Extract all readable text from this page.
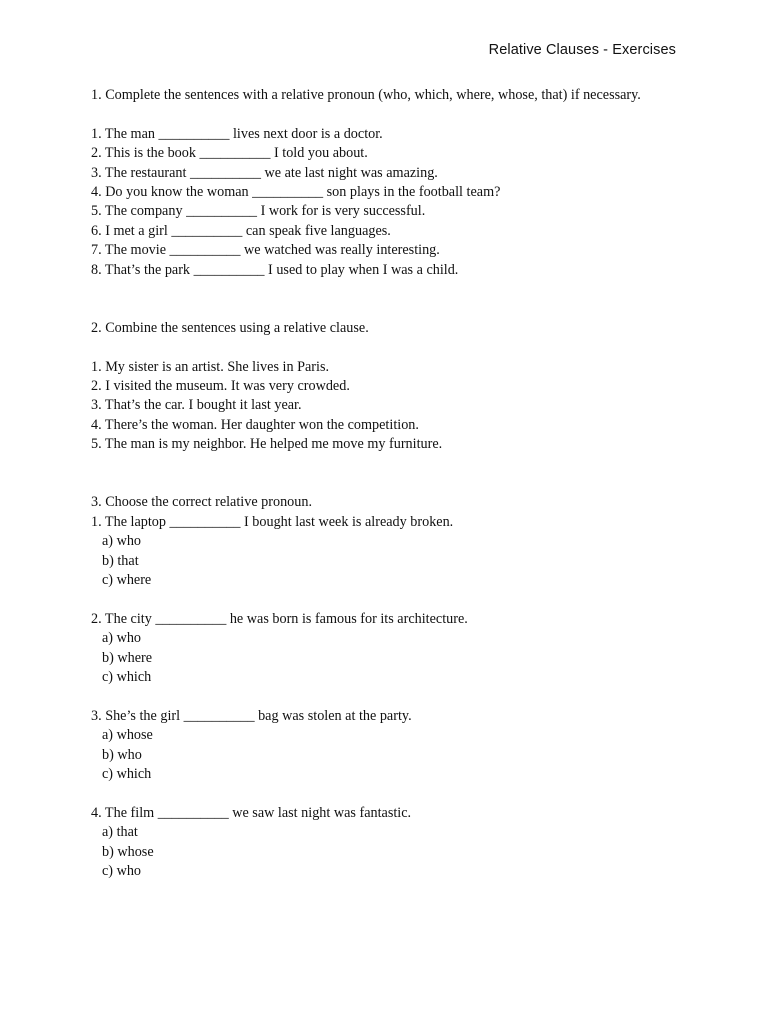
Relative Clauses - Exercises
1. Complete the sentences with a relative pronoun (who, which, where, whose, that) if necessary.
1. The man __________ lives next door is a doctor.
2. This is the book __________ I told you about.
3. The restaurant __________ we ate last night was amazing.
4. Do you know the woman __________ son plays in the football team?
5. The company __________ I work for is very successful.
6. I met a girl __________ can speak five languages.
7. The movie __________ we watched was really interesting.
8. That’s the park __________ I used to play when I was a child.
2. Combine the sentences using a relative clause.
1. My sister is an artist. She lives in Paris.
2. I visited the museum. It was very crowded.
3. That’s the car. I bought it last year.
4. There’s the woman. Her daughter won the competition.
5. The man is my neighbor. He helped me move my furniture.
3. Choose the correct relative pronoun.
1. The laptop __________ I bought last week is already broken.
a) who
b) that
c) where
2. The city __________ he was born is famous for its architecture.
a) who
b) where
c) which
3. She’s the girl __________ bag was stolen at the party.
a) whose
b) who
c) which
4. The film __________ we saw last night was fantastic.
a) that
b) whose
c) who
